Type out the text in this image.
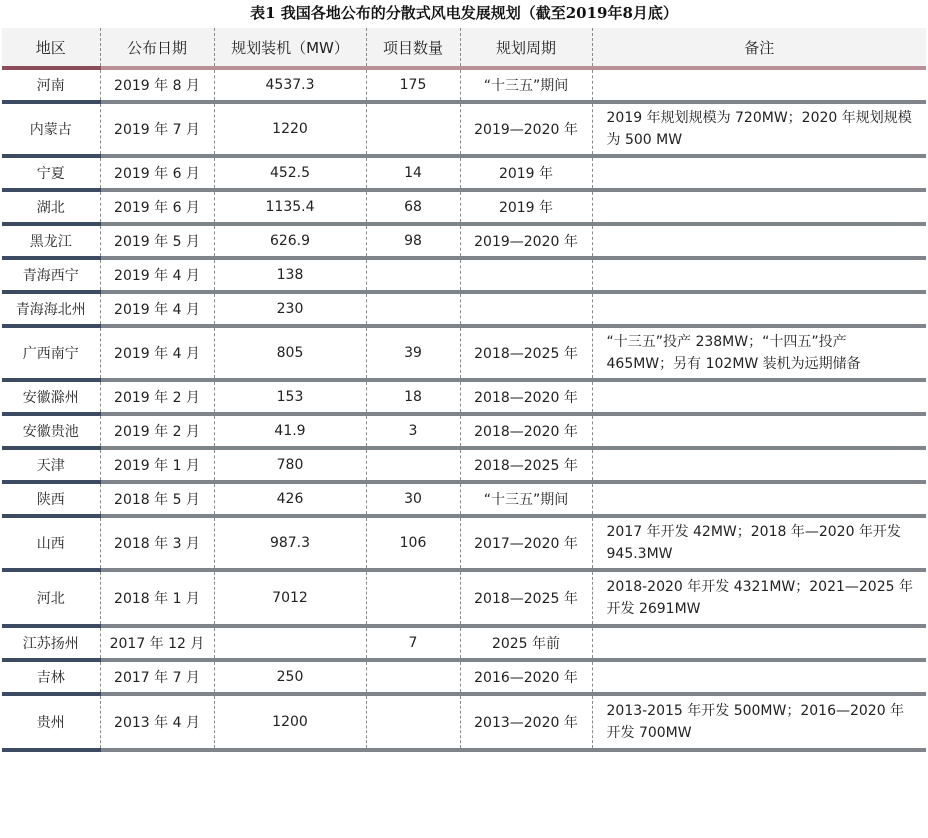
表1 我国各地公布的分散式风电发展规划（截至2019年8月底）
地区	公布日期	规划装机（MW）	项目数量	规划周期	备注
河南	2019 年 8 月	4537.3	175	“十三五”期间	
内蒙古	2019 年 7 月	1220		2019—2020 年	2019 年规划规模为 720MW；2020 年规划规模为 500 MW
宁夏	2019 年 6 月	452.5	14	2019 年	
湖北	2019 年 6 月	1135.4	68	2019 年	
黑龙江	2019 年 5 月	626.9	98	2019—2020 年	
青海西宁	2019 年 4 月	138			
青海海北州	2019 年 4 月	230			
广西南宁	2019 年 4 月	805	39	2018—2025 年	“十三五”投产 238MW；“十四五”投产 465MW；另有 102MW 装机为远期储备
安徽滁州	2019 年 2 月	153	18	2018—2020 年	
安徽贵池	2019 年 2 月	41.9	3	2018—2020 年	
天津	2019 年 1 月	780		2018—2025 年	
陕西	2018 年 5 月	426	30	“十三五”期间	
山西	2018 年 3 月	987.3	106	2017—2020 年	2017 年开发 42MW；2018 年—2020 年开发 945.3MW
河北	2018 年 1 月	7012		2018—2025 年	2018-2020 年开发 4321MW；2021—2025 年开发 2691MW
江苏扬州	2017 年 12 月		7	2025 年前	
吉林	2017 年 7 月	250		2016—2020 年	
贵州	2013 年 4 月	1200		2013—2020 年	2013-2015 年开发 500MW；2016—2020 年开发 700MW
